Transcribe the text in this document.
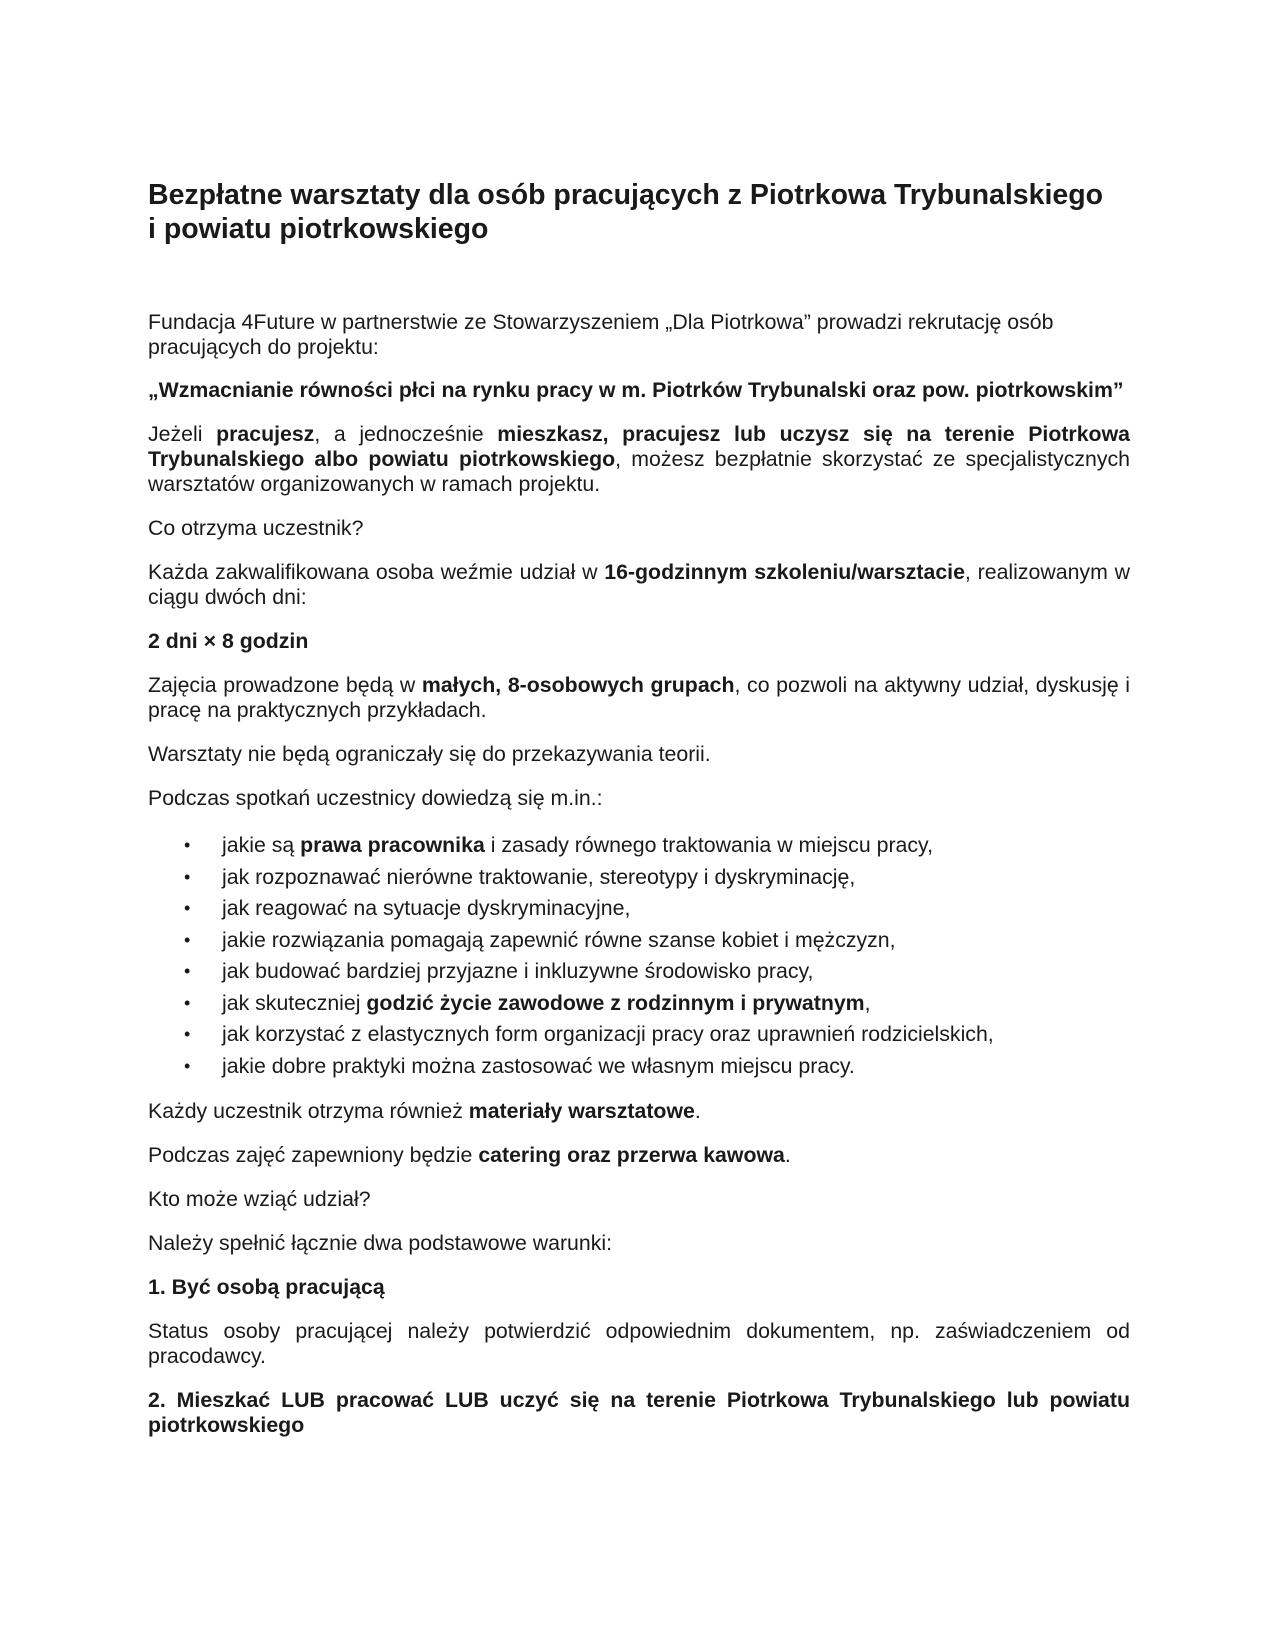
Bezpłatne warsztaty dla osób pracujących z Piotrkowa Trybunalskiego
i powiatu piotrkowskiego

Fundacja 4Future w partnerstwie ze Stowarzyszeniem „Dla Piotrkowa” prowadzi rekrutację osób pracujących do projektu:

„Wzmacnianie równości płci na rynku pracy w m. Piotrków Trybunalski oraz pow. piotrkowskim”

Jeżeli pracujesz, a jednocześnie mieszkasz, pracujesz lub uczysz się na terenie Piotrkowa Trybunalskiego albo powiatu piotrkowskiego, możesz bezpłatnie skorzystać ze specjalistycznych warsztatów organizowanych w ramach projektu.

Co otrzyma uczestnik?

Każda zakwalifikowana osoba weźmie udział w 16-godzinnym szkoleniu/warsztacie, realizowanym w ciągu dwóch dni:

2 dni × 8 godzin

Zajęcia prowadzone będą w małych, 8-osobowych grupach, co pozwoli na aktywny udział, dyskusję i pracę na praktycznych przykładach.

Warsztaty nie będą ograniczały się do przekazywania teorii.

Podczas spotkań uczestnicy dowiedzą się m.in.:

• jakie są prawa pracownika i zasady równego traktowania w miejscu pracy,
• jak rozpoznawać nierówne traktowanie, stereotypy i dyskryminację,
• jak reagować na sytuacje dyskryminacyjne,
• jakie rozwiązania pomagają zapewnić równe szanse kobiet i mężczyzn,
• jak budować bardziej przyjazne i inkluzywne środowisko pracy,
• jak skuteczniej godzić życie zawodowe z rodzinnym i prywatnym,
• jak korzystać z elastycznych form organizacji pracy oraz uprawnień rodzicielskich,
• jakie dobre praktyki można zastosować we własnym miejscu pracy.

Każdy uczestnik otrzyma również materiały warsztatowe.

Podczas zajęć zapewniony będzie catering oraz przerwa kawowa.

Kto może wziąć udział?

Należy spełnić łącznie dwa podstawowe warunki:

1. Być osobą pracującą

Status osoby pracującej należy potwierdzić odpowiednim dokumentem, np. zaświadczeniem od pracodawcy.

2. Mieszkać LUB pracować LUB uczyć się na terenie Piotrkowa Trybunalskiego lub powiatu piotrkowskiego
